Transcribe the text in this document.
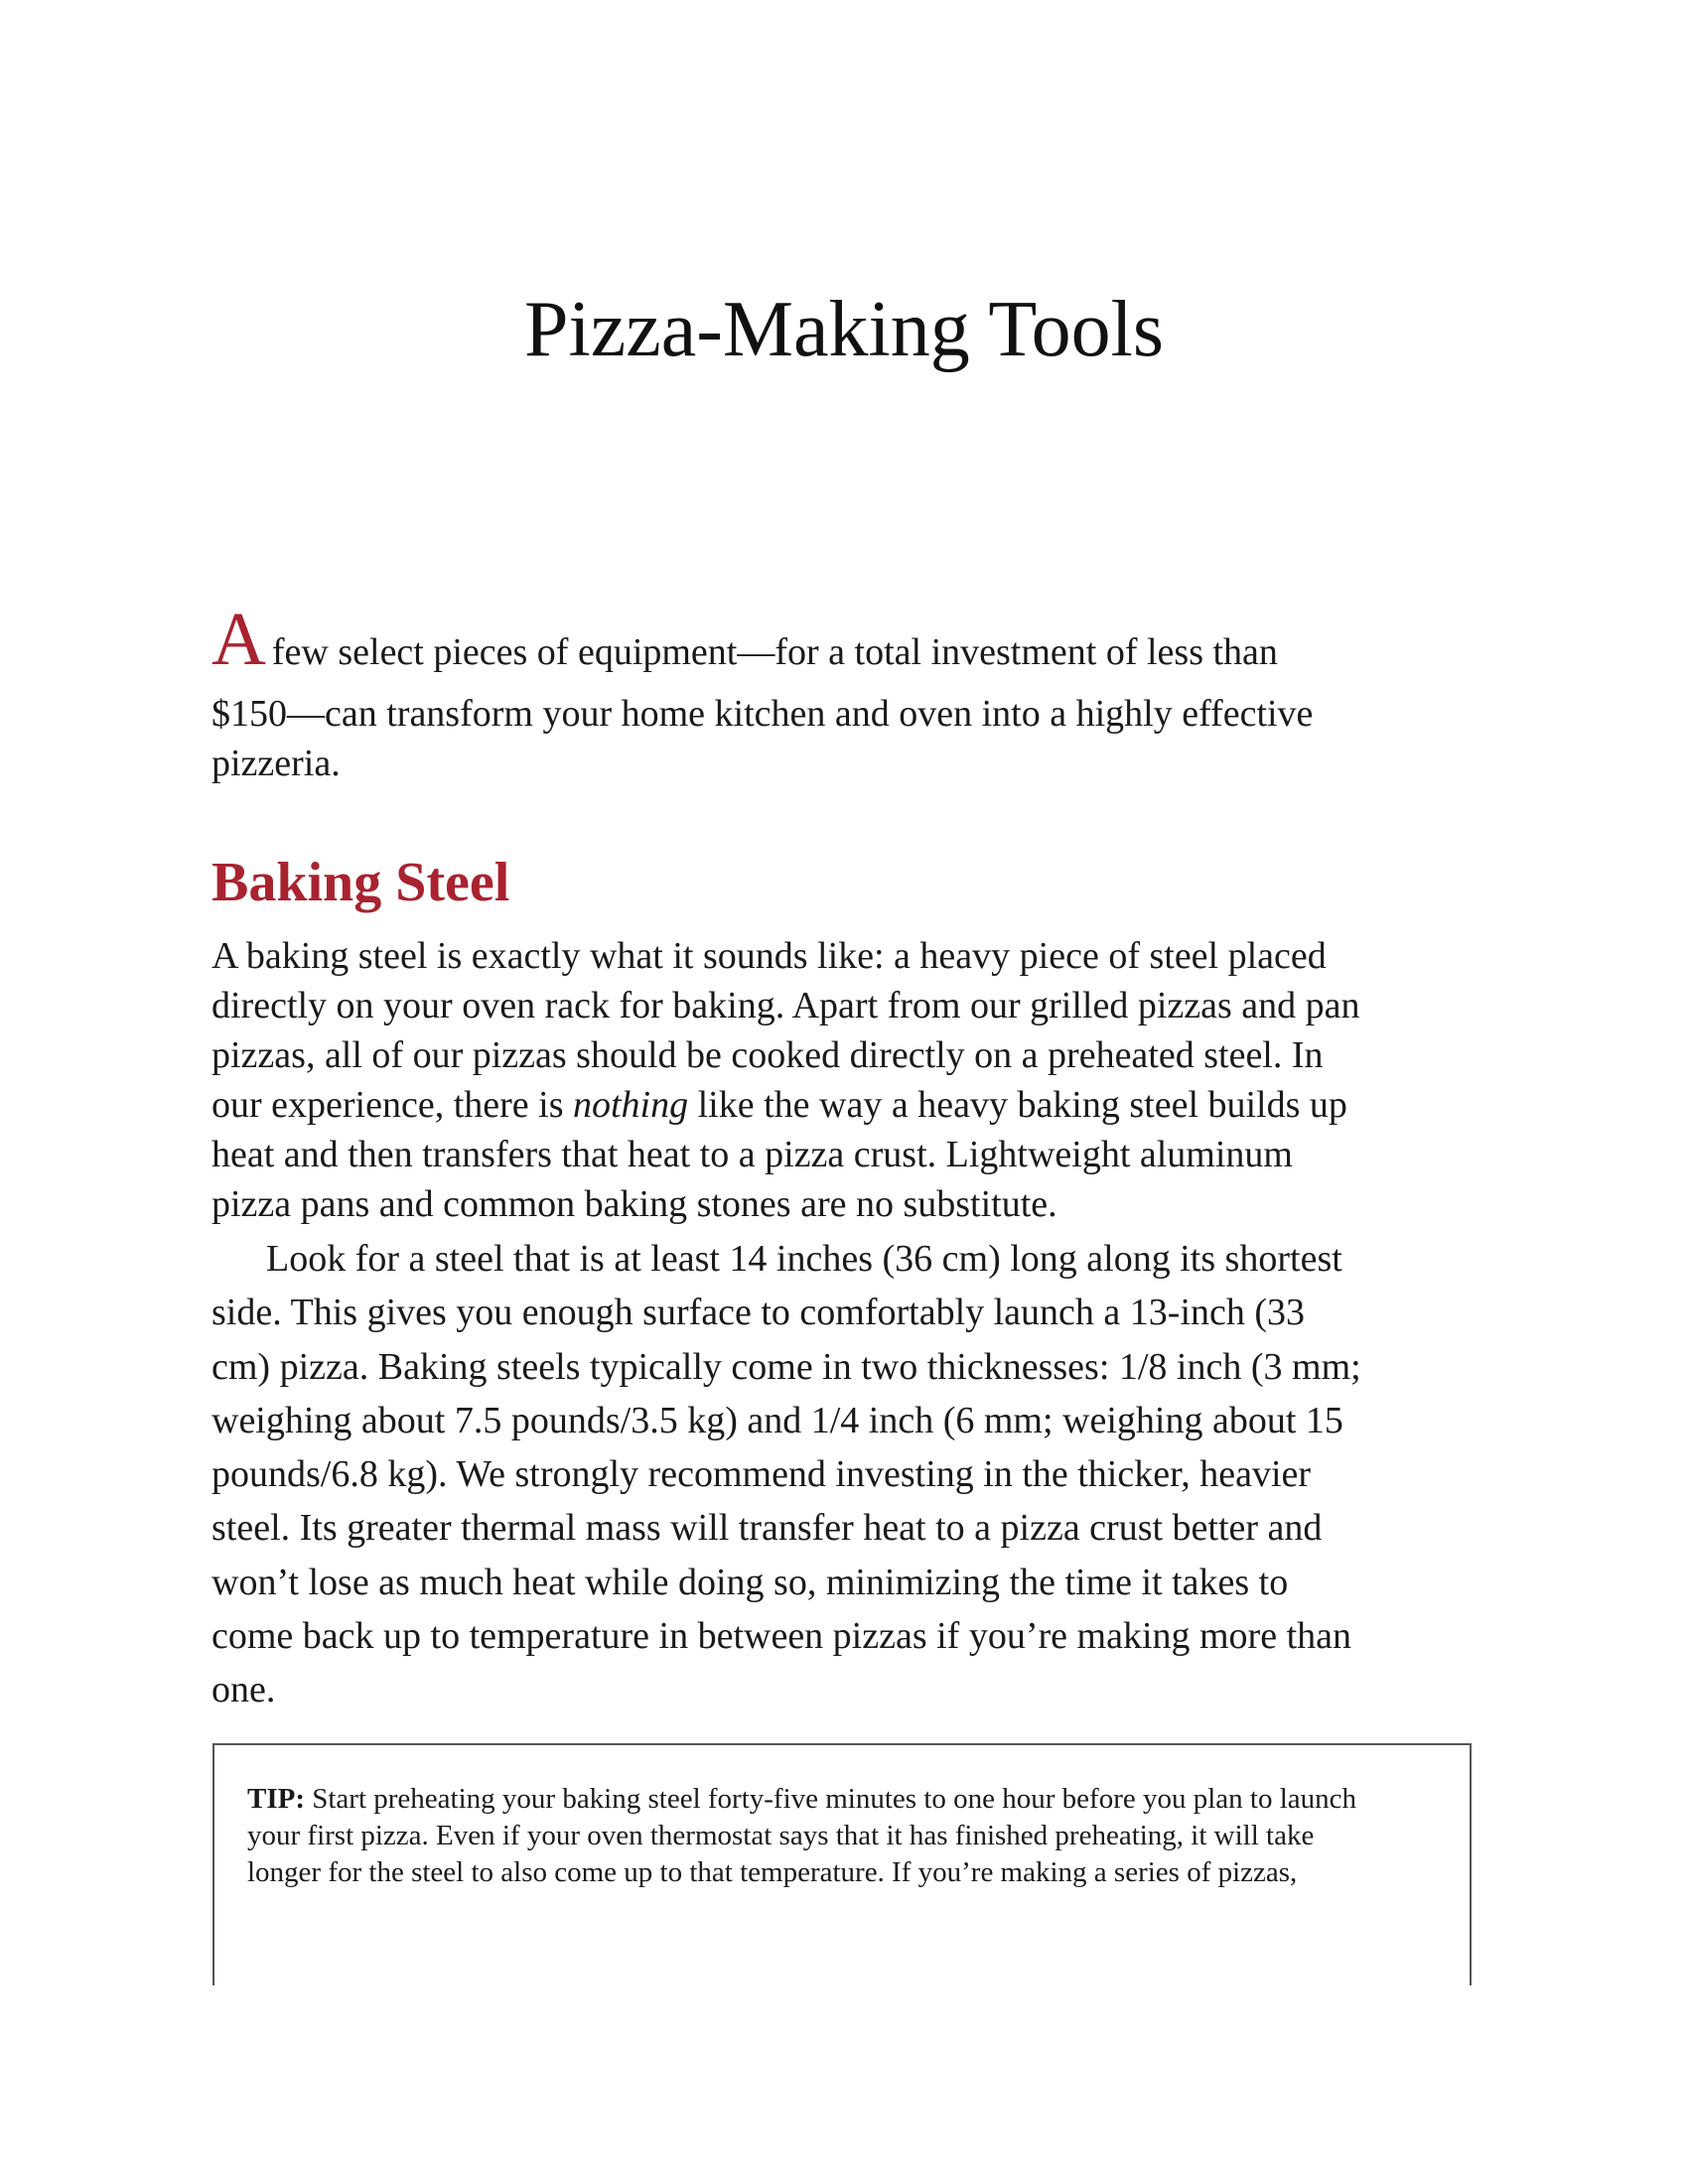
Pizza-Making Tools
Afew select pieces of equipment—for a total investment of less than
$150—can transform your home kitchen and oven into a highly effective
pizzeria.
Baking Steel
A baking steel is exactly what it sounds like: a heavy piece of steel placed
directly on your oven rack for baking. Apart from our grilled pizzas and pan
pizzas, all of our pizzas should be cooked directly on a preheated steel. In
our experience, there is nothing like the way a heavy baking steel builds up
heat and then transfers that heat to a pizza crust. Lightweight aluminum
pizza pans and common baking stones are no substitute.
Look for a steel that is at least 14 inches (36 cm) long along its shortest
side. This gives you enough surface to comfortably launch a 13-inch (33
cm) pizza. Baking steels typically come in two thicknesses: 1/8 inch (3 mm;
weighing about 7.5 pounds/3.5 kg) and 1/4 inch (6 mm; weighing about 15
pounds/6.8 kg). We strongly recommend investing in the thicker, heavier
steel. Its greater thermal mass will transfer heat to a pizza crust better and
won’t lose as much heat while doing so, minimizing the time it takes to
come back up to temperature in between pizzas if you’re making more than
one.
TIP: Start preheating your baking steel forty-five minutes to one hour before you plan to launch
your first pizza. Even if your oven thermostat says that it has finished preheating, it will take
longer for the steel to also come up to that temperature. If you’re making a series of pizzas,
